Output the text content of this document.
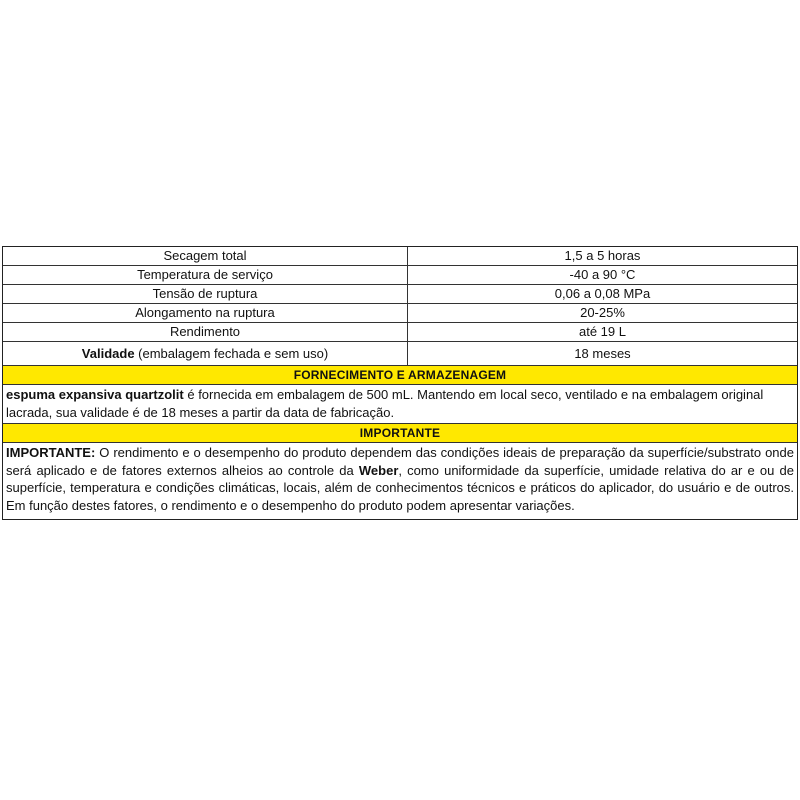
Secagem total	1,5 a 5 horas
Temperatura de serviço	-40 a 90 °C
Tensão de ruptura	0,06 a 0,08 MPa
Alongamento na ruptura	20-25%
Rendimento	até 19 L
Validade (embalagem fechada e sem uso)	18 meses
FORNECIMENTO E ARMAZENAGEM
espuma expansiva quartzolit é fornecida em embalagem de 500 mL. Mantendo em local seco, ventilado e na embalagem original lacrada, sua validade é de 18 meses a partir da data de fabricação.
IMPORTANTE
IMPORTANTE: O rendimento e o desempenho do produto dependem das condições ideais de preparação da superfície/substrato onde será aplicado e de fatores externos alheios ao controle da Weber, como uniformidade da superfície, umidade relativa do ar e ou de superfície, temperatura e condições climáticas, locais, além de conhecimentos técnicos e práticos do aplicador, do usuário e de outros. Em função destes fatores, o rendimento e o desempenho do produto podem apresentar variações.
